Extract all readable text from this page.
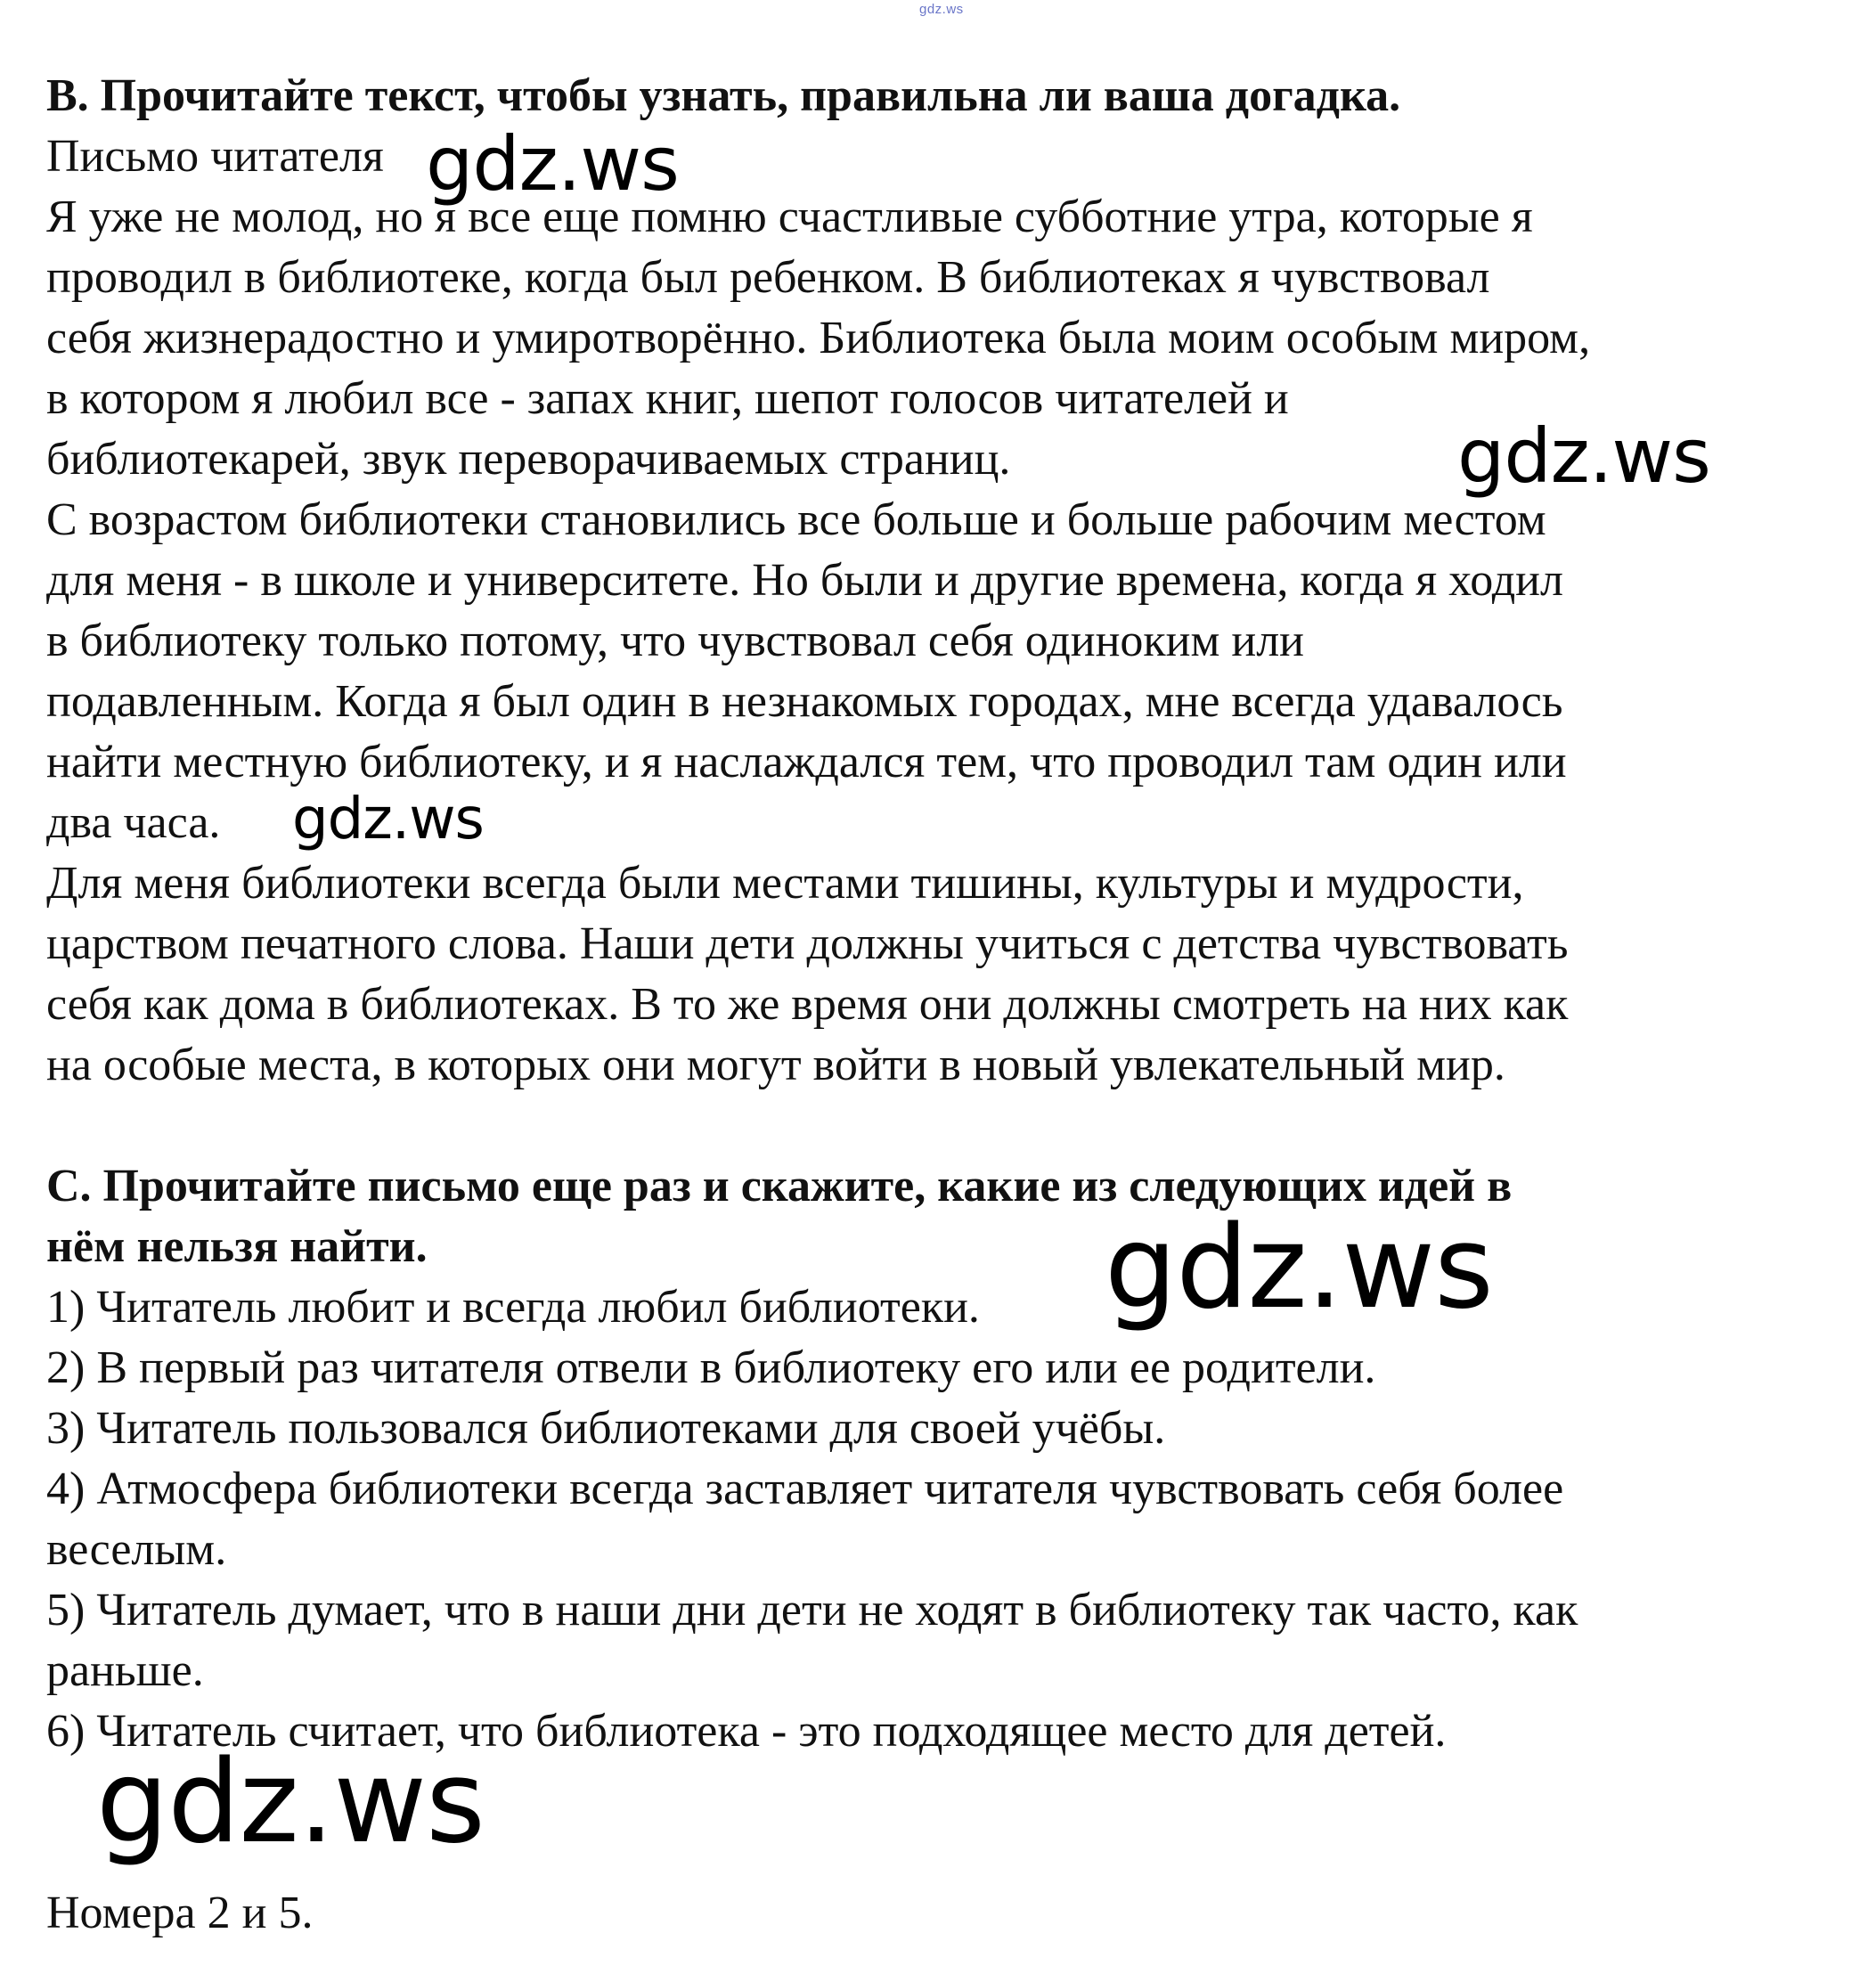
gdz.ws
B. Прочитайте текст, чтобы узнать, правильна ли ваша догадка.
Письмо читателя
Я уже не молод, но я все еще помню счастливые субботние утра, которые я
проводил в библиотеке, когда был ребенком. В библиотеках я чувствовал
себя жизнерадостно и умиротворённо. Библиотека была моим особым миром,
в котором я любил все - запах книг, шепот голосов читателей и
библиотекарей, звук переворачиваемых страниц.
С возрастом библиотеки становились все больше и больше рабочим местом
для меня - в школе и университете. Но были и другие времена, когда я ходил
в библиотеку только потому, что чувствовал себя одиноким или
подавленным. Когда я был один в незнакомых городах, мне всегда удавалось
найти местную библиотеку, и я наслаждался тем, что проводил там один или
два часа.
Для меня библиотеки всегда были местами тишины, культуры и мудрости,
царством печатного слова. Наши дети должны учиться с детства чувствовать
себя как дома в библиотеках. В то же время они должны смотреть на них как
на особые места, в которых они могут войти в новый увлекательный мир.
C. Прочитайте письмо еще раз и скажите, какие из следующих идей в
нём нельзя найти.
1) Читатель любит и всегда любил библиотеки.
2) В первый раз читателя отвели в библиотеку его или ее родители.
3) Читатель пользовался библиотеками для своей учёбы.
4) Атмосфера библиотеки всегда заставляет читателя чувствовать себя более
веселым.
5) Читатель думает, что в наши дни дети не ходят в библиотеку так часто, как
раньше.
6) Читатель считает, что библиотека - это подходящее место для детей.
Номера 2 и 5.
gdz.ws
gdz.ws
gdz.ws
gdz.ws
gdz.ws
